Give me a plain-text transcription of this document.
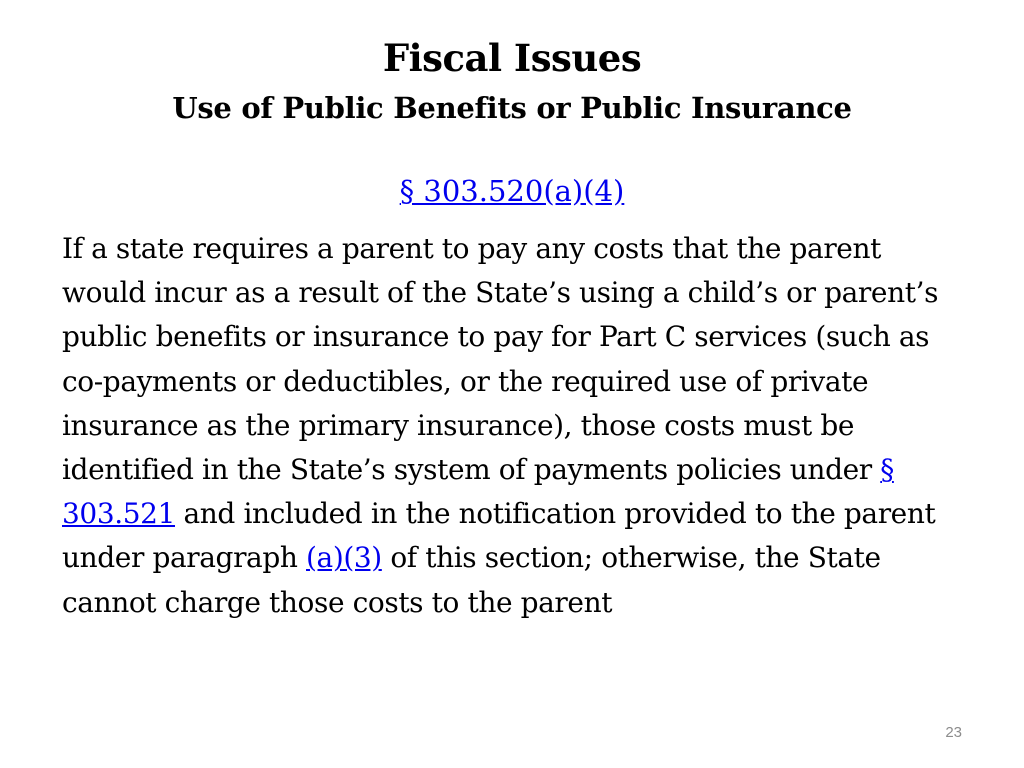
Fiscal Issues
Use of Public Benefits or Public Insurance
§ 303.520(a)(4)
If a state requires a parent to pay any costs that the parent would incur as a result of the State’s using a child’s or parent’s public benefits or insurance to pay for Part C services (such as co-payments or deductibles, or the required use of private insurance as the primary insurance), those costs must be identified in the State’s system of payments policies under § 303.521 and included in the notification provided to the parent under paragraph (a)(3) of this section; otherwise, the State cannot charge those costs to the parent
23
